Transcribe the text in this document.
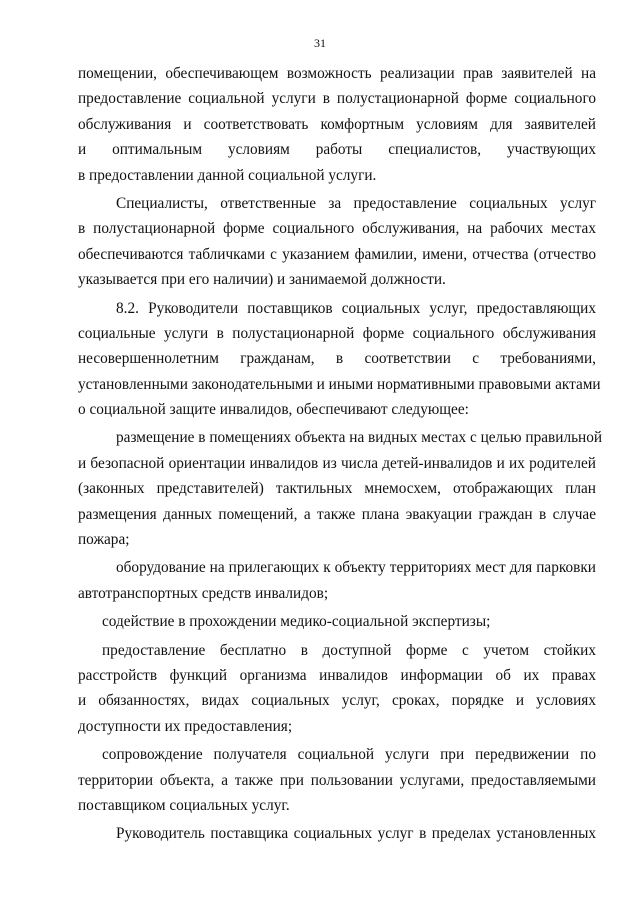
31
помещении, обеспечивающем возможность реализации прав заявителей на
предоставление социальной услуги в полустационарной форме социального
обслуживания и соответствовать комфортным условиям для заявителей
и оптимальным условиям работы специалистов, участвующих
в предоставлении данной социальной услуги.
Специалисты, ответственные за предоставление социальных услуг
в полустационарной форме социального обслуживания, на рабочих местах
обеспечиваются табличками с указанием фамилии, имени, отчества (отчество
указывается при его наличии) и занимаемой должности.
8.2. Руководители поставщиков социальных услуг, предоставляющих
социальные услуги в полустационарной форме социального обслуживания
несовершеннолетним гражданам, в соответствии с требованиями,
установленными законодательными и иными нормативными правовыми актами
о социальной защите инвалидов, обеспечивают следующее:
размещение в помещениях объекта на видных местах с целью правильной
и безопасной ориентации инвалидов из числа детей-инвалидов и их родителей
(законных представителей) тактильных мнемосхем, отображающих план
размещения данных помещений, а также плана эвакуации граждан в случае
пожара;
оборудование на прилегающих к объекту территориях мест для парковки
автотранспортных средств инвалидов;
содействие в прохождении медико-социальной экспертизы;
предоставление бесплатно в доступной форме с учетом стойких
расстройств функций организма инвалидов информации об их правах
и обязанностях, видах социальных услуг, сроках, порядке и условиях
доступности их предоставления;
сопровождение получателя социальной услуги при передвижении по
территории объекта, а также при пользовании услугами, предоставляемыми
поставщиком социальных услуг.
Руководитель поставщика социальных услуг в пределах установленных
